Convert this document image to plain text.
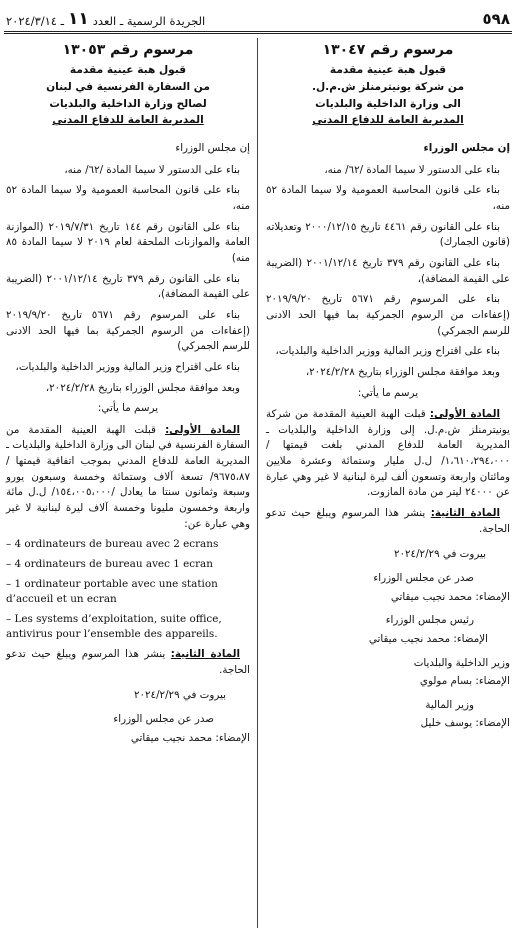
٥٩٨
الجريدة الرسمية ـ العدد
١١
ـ ٢٠٢٤/٣/١٤
مرسوم رقم ١٣٠٤٧
قبول هبة عينية مقدمة
من شركة يونيترمنلز ش.م.ل.
الى وزارة الداخلية والبلديات
المديرية العامة للدفاع المدني
إن مجلس الوزراء
بناء على الدستور لا سيما المادة /٦٢/ منه،
بناء على قانون المحاسبة العمومية ولا سيما المادة ٥٢ منه،
بناء على القانون رقم ٤٤٦١ تاريخ ٢٠٠٠/١٢/١٥ وتعديلاته (قانون الجمارك)
بناء على القانون رقم ٣٧٩ تاريخ ٢٠٠١/١٢/١٤ (الضريبة على القيمة المضافة)،
بناء على المرسوم رقم ٥٦٧١ تاريخ ٢٠١٩/٩/٢٠ (إعفاءات من الرسوم الجمركية بما فيها الحد الادنى للرسم الجمركي)
بناء على اقتراح وزير المالية ووزير الداخلية والبلديات،
وبعد موافقة مجلس الوزراء بتاريخ ٢٠٢٤/٢/٢٨،
يرسم ما يأتي:
المادة الأولى: قبلت الهبة العينية المقدمة من شركة يونيترمنلز ش.م.ل. إلى وزارة الداخلية والبلديات ـ المديرية العامة للدفاع المدني بلغت قيمتها /١،٦١٠،٢٩٤،٠٠٠/ ل.ل مليار وستمائة وعشرة ملايين ومائتان واربعة وتسعون ألف ليرة لبنانية لا غير وهي عبارة عن ٢٤٠٠٠ ليتر من مادة المازوت.
المادة الثانية: ينشر هذا المرسوم ويبلغ حيث تدعو الحاجة.
بيروت في ٢٠٢٤/٢/٢٩
صدر عن مجلس الوزراء
الإمضاء: محمد نجيب ميقاتي
رئيس مجلس الوزراء
الإمضاء: محمد نجيب ميقاتي
وزير الداخلية والبلديات
الإمضاء: بسام مولوي
وزير المالية
الإمضاء: يوسف خليل
مرسوم رقم ١٣٠٥٣
قبول هبة عينية مقدمة
من السفارة الفرنسية في لبنان
لصالح وزارة الداخلية والبلديات
المديرية العامة للدفاع المدني
إن مجلس الوزراء
بناء على الدستور لا سيما المادة /٦٢/ منه،
بناء على قانون المحاسبة العمومية ولا سيما المادة ٥٢ منه،
بناء على القانون رقم ١٤٤ تاريخ ٢٠١٩/٧/٣١ (الموازنة العامة والموازنات الملحقة لعام ٢٠١٩ لا سيما المادة ٨٥ منه)
بناء على القانون رقم ٣٧٩ تاريخ ٢٠٠١/١٢/١٤ (الضريبة على القيمة المضافة)،
بناء على المرسوم رقم ٥٦٧١ تاريخ ٢٠١٩/٩/٢٠ (إعفاءات من الرسوم الجمركية بما فيها الحد الادنى للرسم الجمركي)
بناء على اقتراح وزير المالية ووزير الداخلية والبلديات،
وبعد موافقة مجلس الوزراء بتاريخ ٢٠٢٤/٢/٢٨،
يرسم ما يأتي:
المادة الأولى: قبلت الهبة العينية المقدمة من السفارة الفرنسية في لبنان الى وزارة الداخلية والبلديات ـ المديرية العامة للدفاع المدني بموجب اتفاقية قيمتها /٩٦٧٥،٨٧/ تسعة آلاف وستمائة وخمسة وسبعون يورو وسبعة وثمانون سنتا ما يعادل /١٥٤،٠٠٥،٠٠٠/ ل.ل مائة واربعة وخمسون مليونا وخمسة آلاف ليرة لبنانية لا غير وهي عبارة عن:
– 4 ordinateurs de bureau avec 2 ecrans
– 4 ordinateurs de bureau avec 1 ecran
– 1 ordinateur portable avec une station d’accueil et un ecran
– Les systems d’exploitation, suite office, antivirus pour l’ensemble des appareils.
المادة الثانية: ينشر هذا المرسوم ويبلغ حيث تدعو الحاجة.
بيروت في ٢٠٢٤/٢/٢٩
صدر عن مجلس الوزراء
الإمضاء: محمد نجيب ميقاتي
